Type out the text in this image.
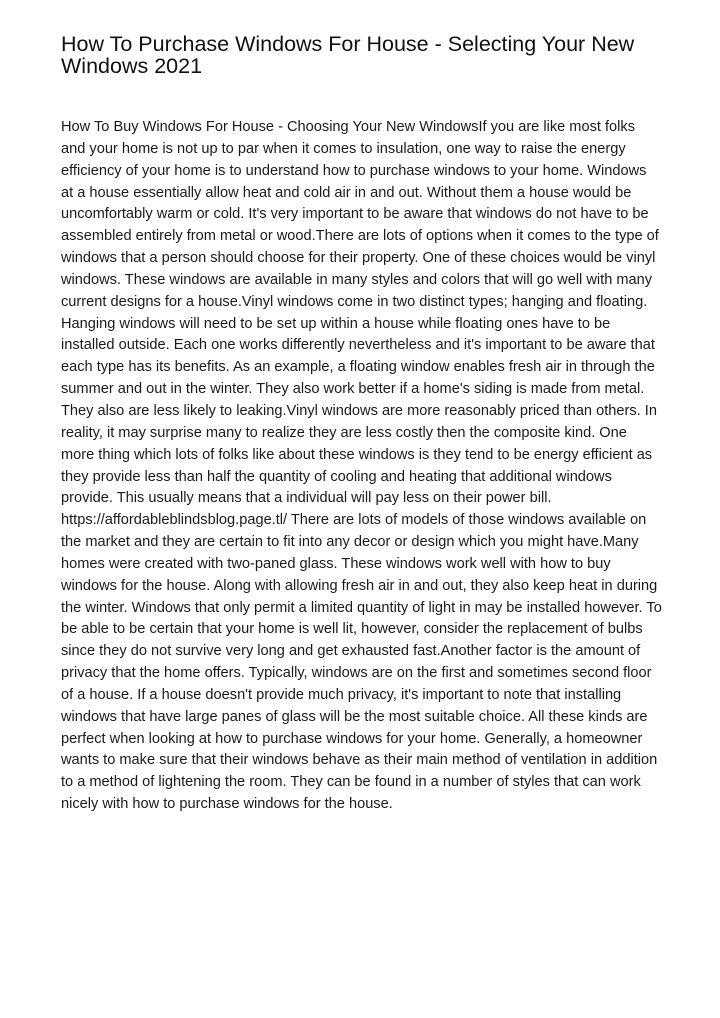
How To Purchase Windows For House - Selecting Your New Windows 2021

How To Buy Windows For House - Choosing Your New WindowsIf you are like most folks and your home is not up to par when it comes to insulation, one way to raise the energy efficiency of your home is to understand how to purchase windows to your home. Windows at a house essentially allow heat and cold air in and out. Without them a house would be uncomfortably warm or cold. It's very important to be aware that windows do not have to be assembled entirely from metal or wood.There are lots of options when it comes to the type of windows that a person should choose for their property. One of these choices would be vinyl windows. These windows are available in many styles and colors that will go well with many current designs for a house.Vinyl windows come in two distinct types; hanging and floating. Hanging windows will need to be set up within a house while floating ones have to be installed outside. Each one works differently nevertheless and it's important to be aware that each type has its benefits. As an example, a floating window enables fresh air in through the summer and out in the winter. They also work better if a home's siding is made from metal. They also are less likely to leaking.Vinyl windows are more reasonably priced than others. In reality, it may surprise many to realize they are less costly then the composite kind. One more thing which lots of folks like about these windows is they tend to be energy efficient as they provide less than half the quantity of cooling and heating that additional windows provide. This usually means that a individual will pay less on their power bill. https://affordableblindsblog.page.tl/ There are lots of models of those windows available on the market and they are certain to fit into any decor or design which you might have.Many homes were created with two-paned glass. These windows work well with how to buy windows for the house. Along with allowing fresh air in and out, they also keep heat in during the winter. Windows that only permit a limited quantity of light in may be installed however. To be able to be certain that your home is well lit, however, consider the replacement of bulbs since they do not survive very long and get exhausted fast.Another factor is the amount of privacy that the home offers. Typically, windows are on the first and sometimes second floor of a house. If a house doesn't provide much privacy, it's important to note that installing windows that have large panes of glass will be the most suitable choice. All these kinds are perfect when looking at how to purchase windows for your home. Generally, a homeowner wants to make sure that their windows behave as their main method of ventilation in addition to a method of lightening the room. They can be found in a number of styles that can work nicely with how to purchase windows for the house.
